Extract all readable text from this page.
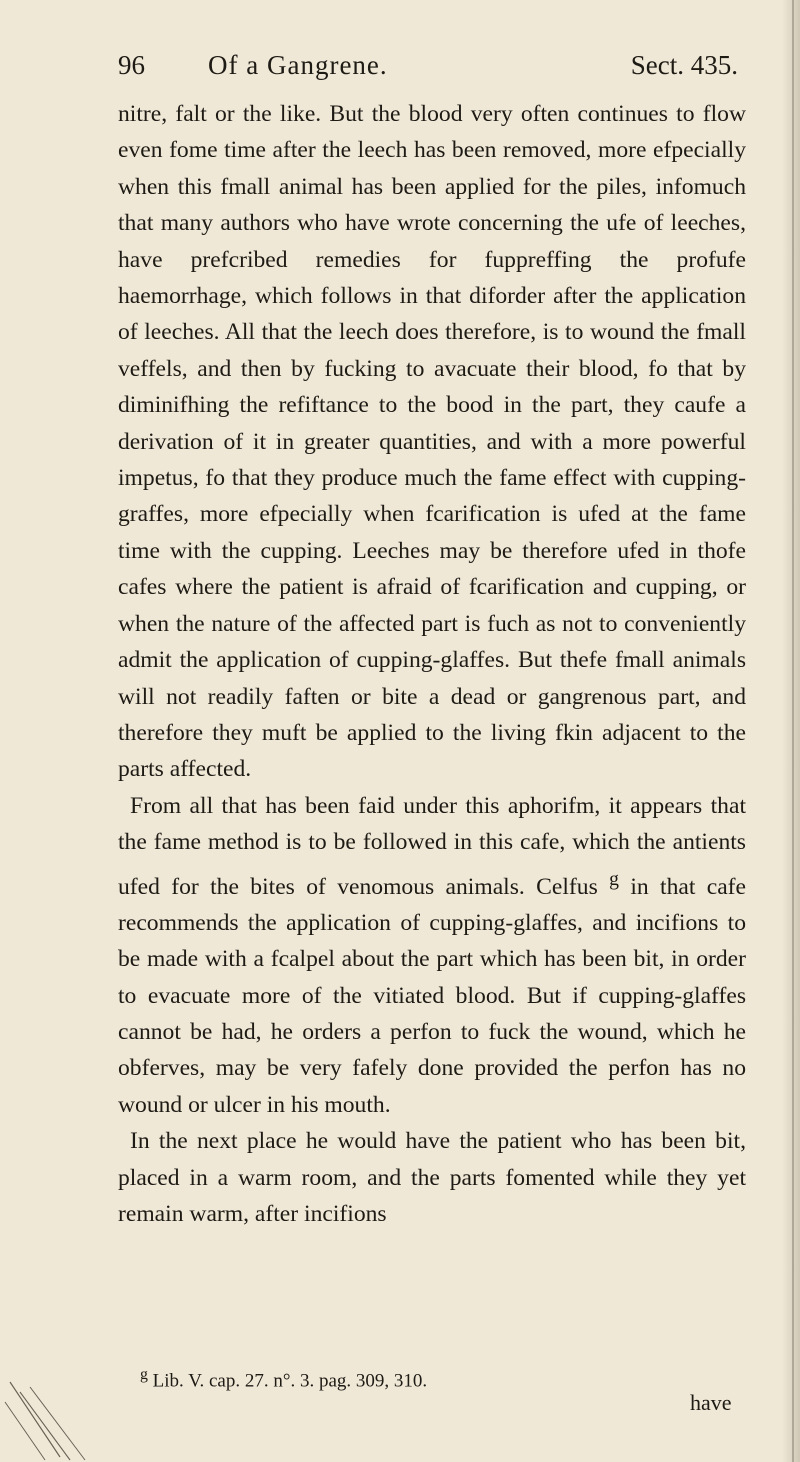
96 Of a Gangrene.	Sect. 435.

nitre, falt or the like. But the blood very often continues to flow even fome time after the leech has been removed, more efpecially when this fmall animal has been applied for the piles, infomuch that many authors who have wrote concerning the ufe of leeches, have prefcribed remedies for fuppreffing the profufe haemorrhage, which follows in that diforder after the application of leeches. All that the leech does therefore, is to wound the fmall veffels, and then by fucking to avacuate their blood, fo that by diminifhing the refiftance to the bood in the part, they caufe a derivation of it in greater quantities, and with a more powerful impetus, fo that they produce much the fame effect with cupping-graffes, more efpecially when fcarification is ufed at the fame time with the cupping. Leeches may be therefore ufed in thofe cafes where the patient is afraid of fcarification and cupping, or when the nature of the affected part is fuch as not to conveniently admit the application of cupping-glaffes. But thefe fmall animals will not readily faften or bite a dead or gangrenous part, and therefore they muft be applied to the living fkin adjacent to the parts affected.

From all that has been faid under this aphorifm, it appears that the fame method is to be followed in this cafe, which the antients ufed for the bites of venomous animals. Celfus $^g$ in that cafe recommends the application of cupping-glaffes, and incifions to be made with a fcalpel about the part which has been bit, in order to evacuate more of the vitiated blood. But if cupping-glaffes cannot be had, he orders a perfon to fuck the wound, which he obferves, may be very fafely done provided the perfon has no wound or ulcer in his mouth.

In the next place he would have the patient who has been bit, placed in a warm room, and the parts fomented while they yet remain warm, after incifions

$^g$ Lib. V. cap. 27. n°. 3. pag. 309, 310.
have
